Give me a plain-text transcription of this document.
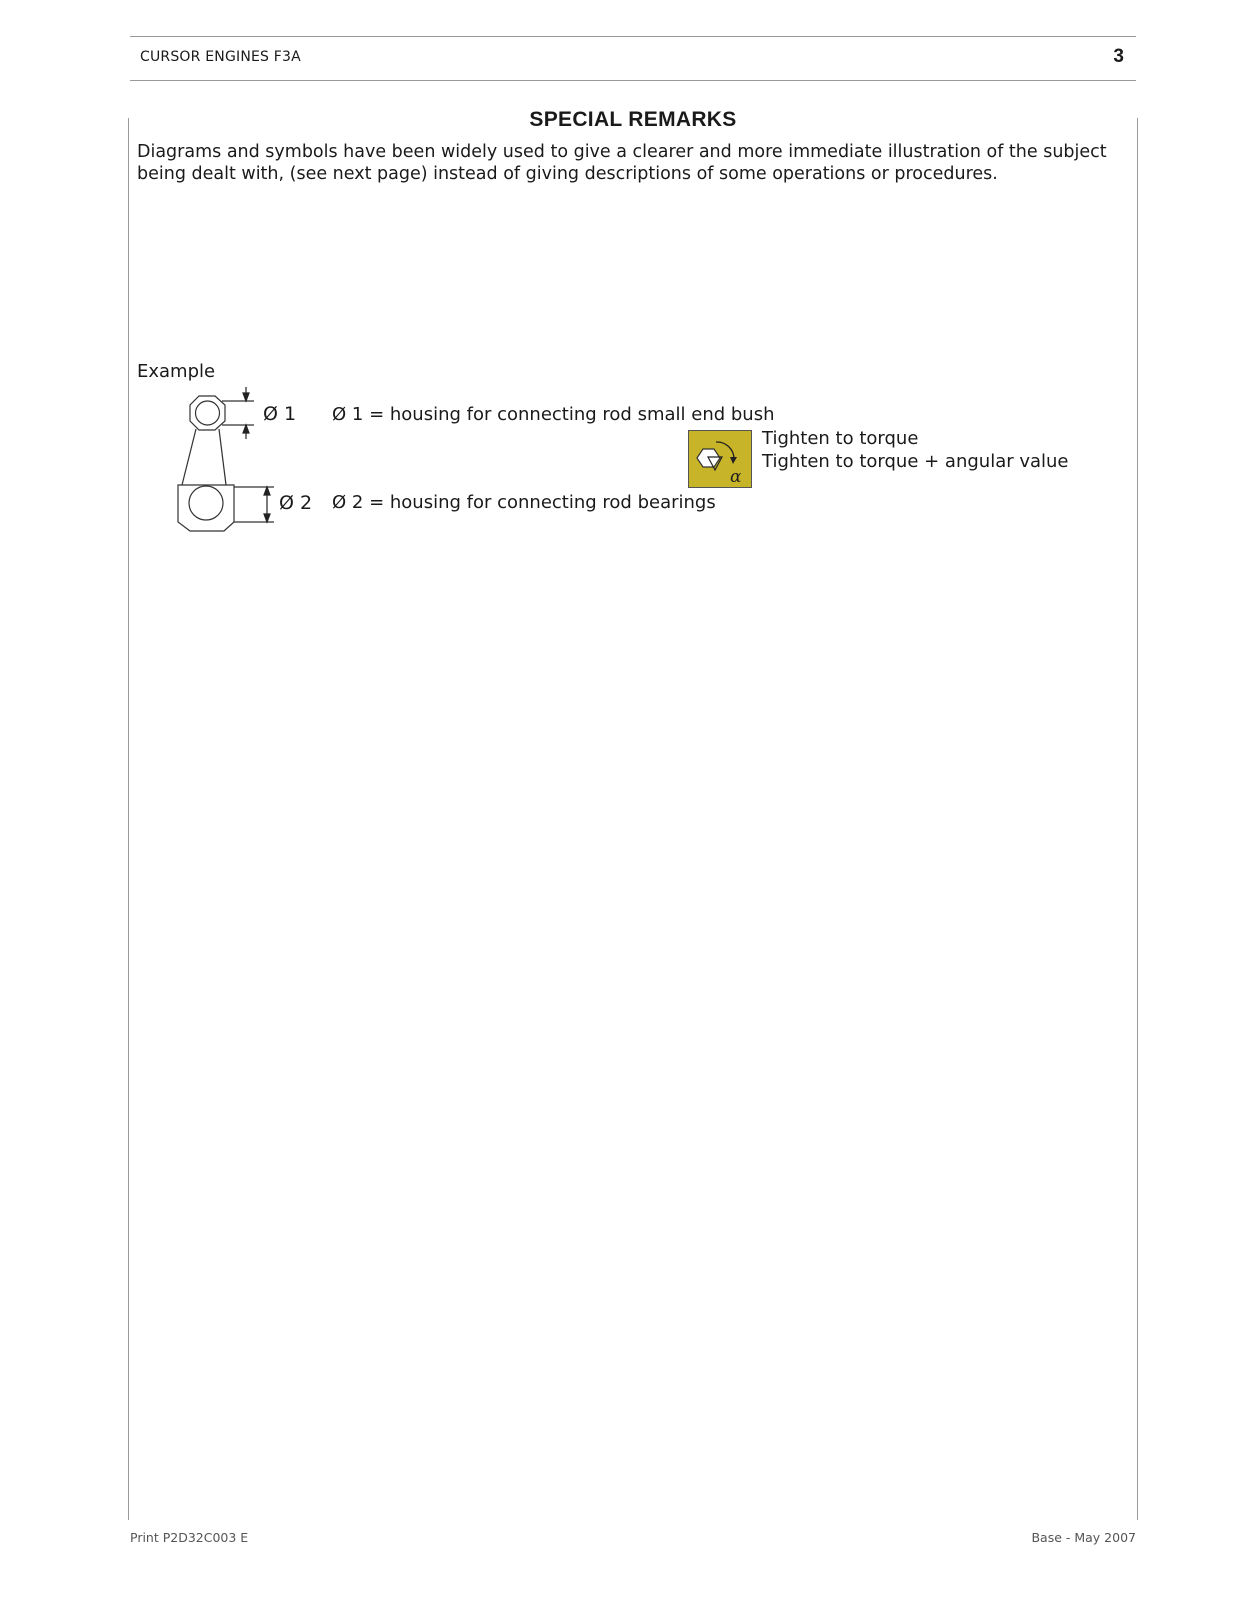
CURSOR ENGINES F3A	3
SPECIAL REMARKS

Diagrams and symbols have been widely used to give a clearer and more immediate illustration of the subject being dealt with, (see next page) instead of giving descriptions of some operations or procedures.

Example
Ø 1
Ø 2
Ø 1 = housing for connecting rod small end bush
Ø 2 = housing for connecting rod bearings
α
Tighten to torque
Tighten to torque + angular value
Print P2D32C003 E	Base - May 2007
